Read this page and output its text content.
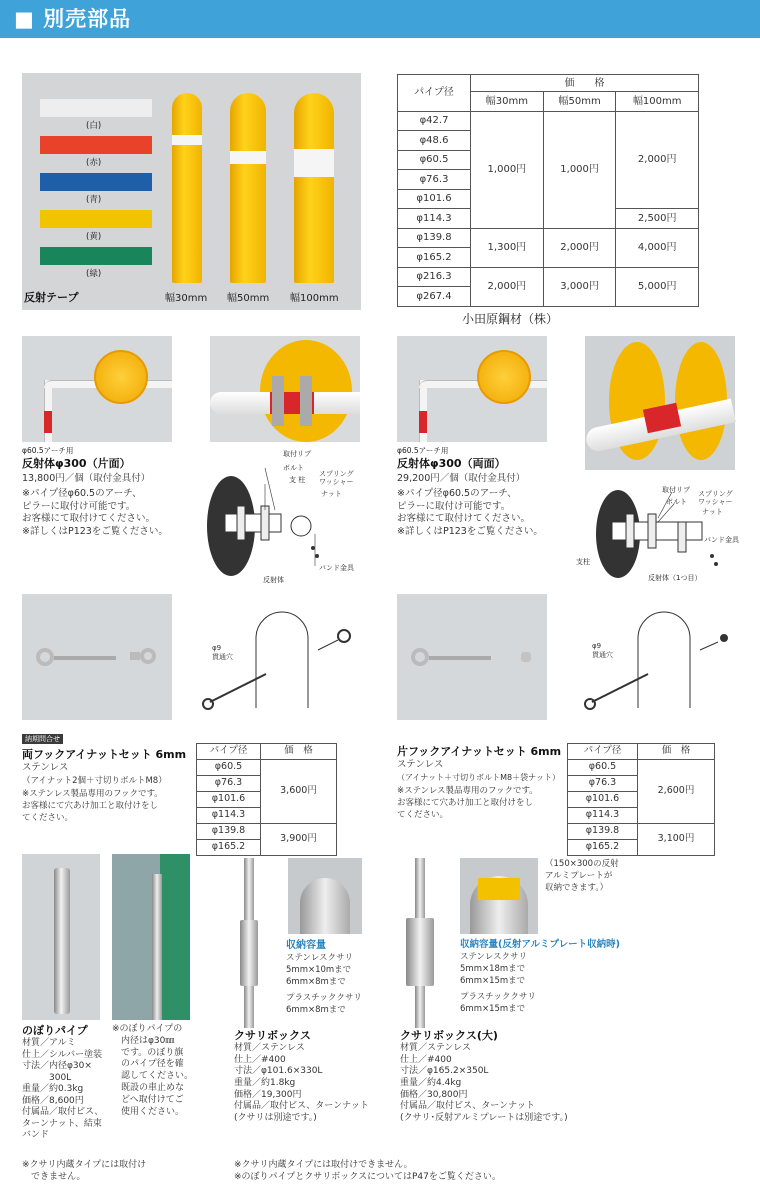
■ 別売部品
(白)
(赤)
(青)
(黄)
(緑)
反射テープ	幅30mm 幅50mm 幅100mm
パイプ径	価　　格		
	幅30mm	幅50mm	幅100mm
φ42.7	1,000円	1,000円	2,000円
φ48.6			
φ60.5			
φ76.3			
φ101.6			
φ114.3			2,500円
φ139.8	1,300円	2,000円	4,000円
φ165.2			
φ216.3	2,000円	3,000円	5,000円
φ267.4			
小田原鋼材（株）
φ60.5アーチ用
反射体φ300（片面）
13,800円／個（取付金具付）
※パイプ径φ60.5のアーチ、
ピラーに取付け可能です。
お客様にて取付けてください。
※詳しくはP123をご覧ください。
取付リブ
ボルト
支 柱
スプリング
ワッシャー
ナット
バンド金具
反射体
φ60.5アーチ用
反射体φ300（両面）
29,200円／個（取付金具付）
※パイプ径φ60.5のアーチ、
ピラーに取付け可能です。
お客様にて取付けてください。
※詳しくはP123をご覧ください。
取付リブ
ボルト
スプリング
ワッシャー
ナット
バンド金具
支柱
反射体（1つ目）
φ9
貫通穴
納期問合せ
両フックアイナットセット 6mm
ステンレス
（アイナット2個＋寸切りボルトM8）
※ステンレス製品専用のフックです。
お客様にて穴あけ加工と取付けをし
てください。
パイプ径	価　格
φ60.5	3,600円
φ76.3	
φ101.6	
φ114.3	
φ139.8	3,900円
φ165.2	
φ9
貫通穴
片フックアイナットセット 6mm
ステンレス
（アイナット＋寸切りボルトM8＋袋ナット）
※ステンレス製品専用のフックです。
お客様にて穴あけ加工と取付けをし
てください。
パイプ径	価　格
φ60.5	2,600円
φ76.3	
φ101.6	
φ114.3	
φ139.8	3,100円
φ165.2	
のぼりパイプ
材質／アルミ
仕上／シルバー塗装
寸法／内径φ30×
　　　300L
重量／約0.3kg
価格／8,600円
付属品／取付ビス、
ターンナット、結束
バンド
※のぼりパイプの
　内径はφ30㎜
　です。のぼり旗
　のパイプ径を確
　認してください。
　既設の車止めな
　どへ取付けてご
　使用ください。
※クサリ内蔵タイプには取付け
　できません。
収納容量
ステンレスクサリ
5mm×10mまで
6mm×8mまで
プラスチッククサリ
6mm×8mまで
クサリボックス
材質／ステンレス
仕上／#400
寸法／φ101.6×330L
重量／約1.8kg
価格／19,300円
付属品／取付ビス、ターンナット
(クサリは別途です。)
（150×300の反射
アルミプレートが
収納できます。）
収納容量(反射アルミプレート収納時)
ステンレスクサリ
5mm×18mまで
6mm×15mまで
プラスチッククサリ
6mm×15mまで
クサリボックス(大)
材質／ステンレス
仕上／#400
寸法／φ165.2×350L
重量／約4.4kg
価格／30,800円
付属品／取付ビス、ターンナット
(クサリ･反射アルミプレートは別途です。)
※クサリ内蔵タイプには取付けできません。
※のぼりパイプとクサリボックスについてはP47をご覧ください。
